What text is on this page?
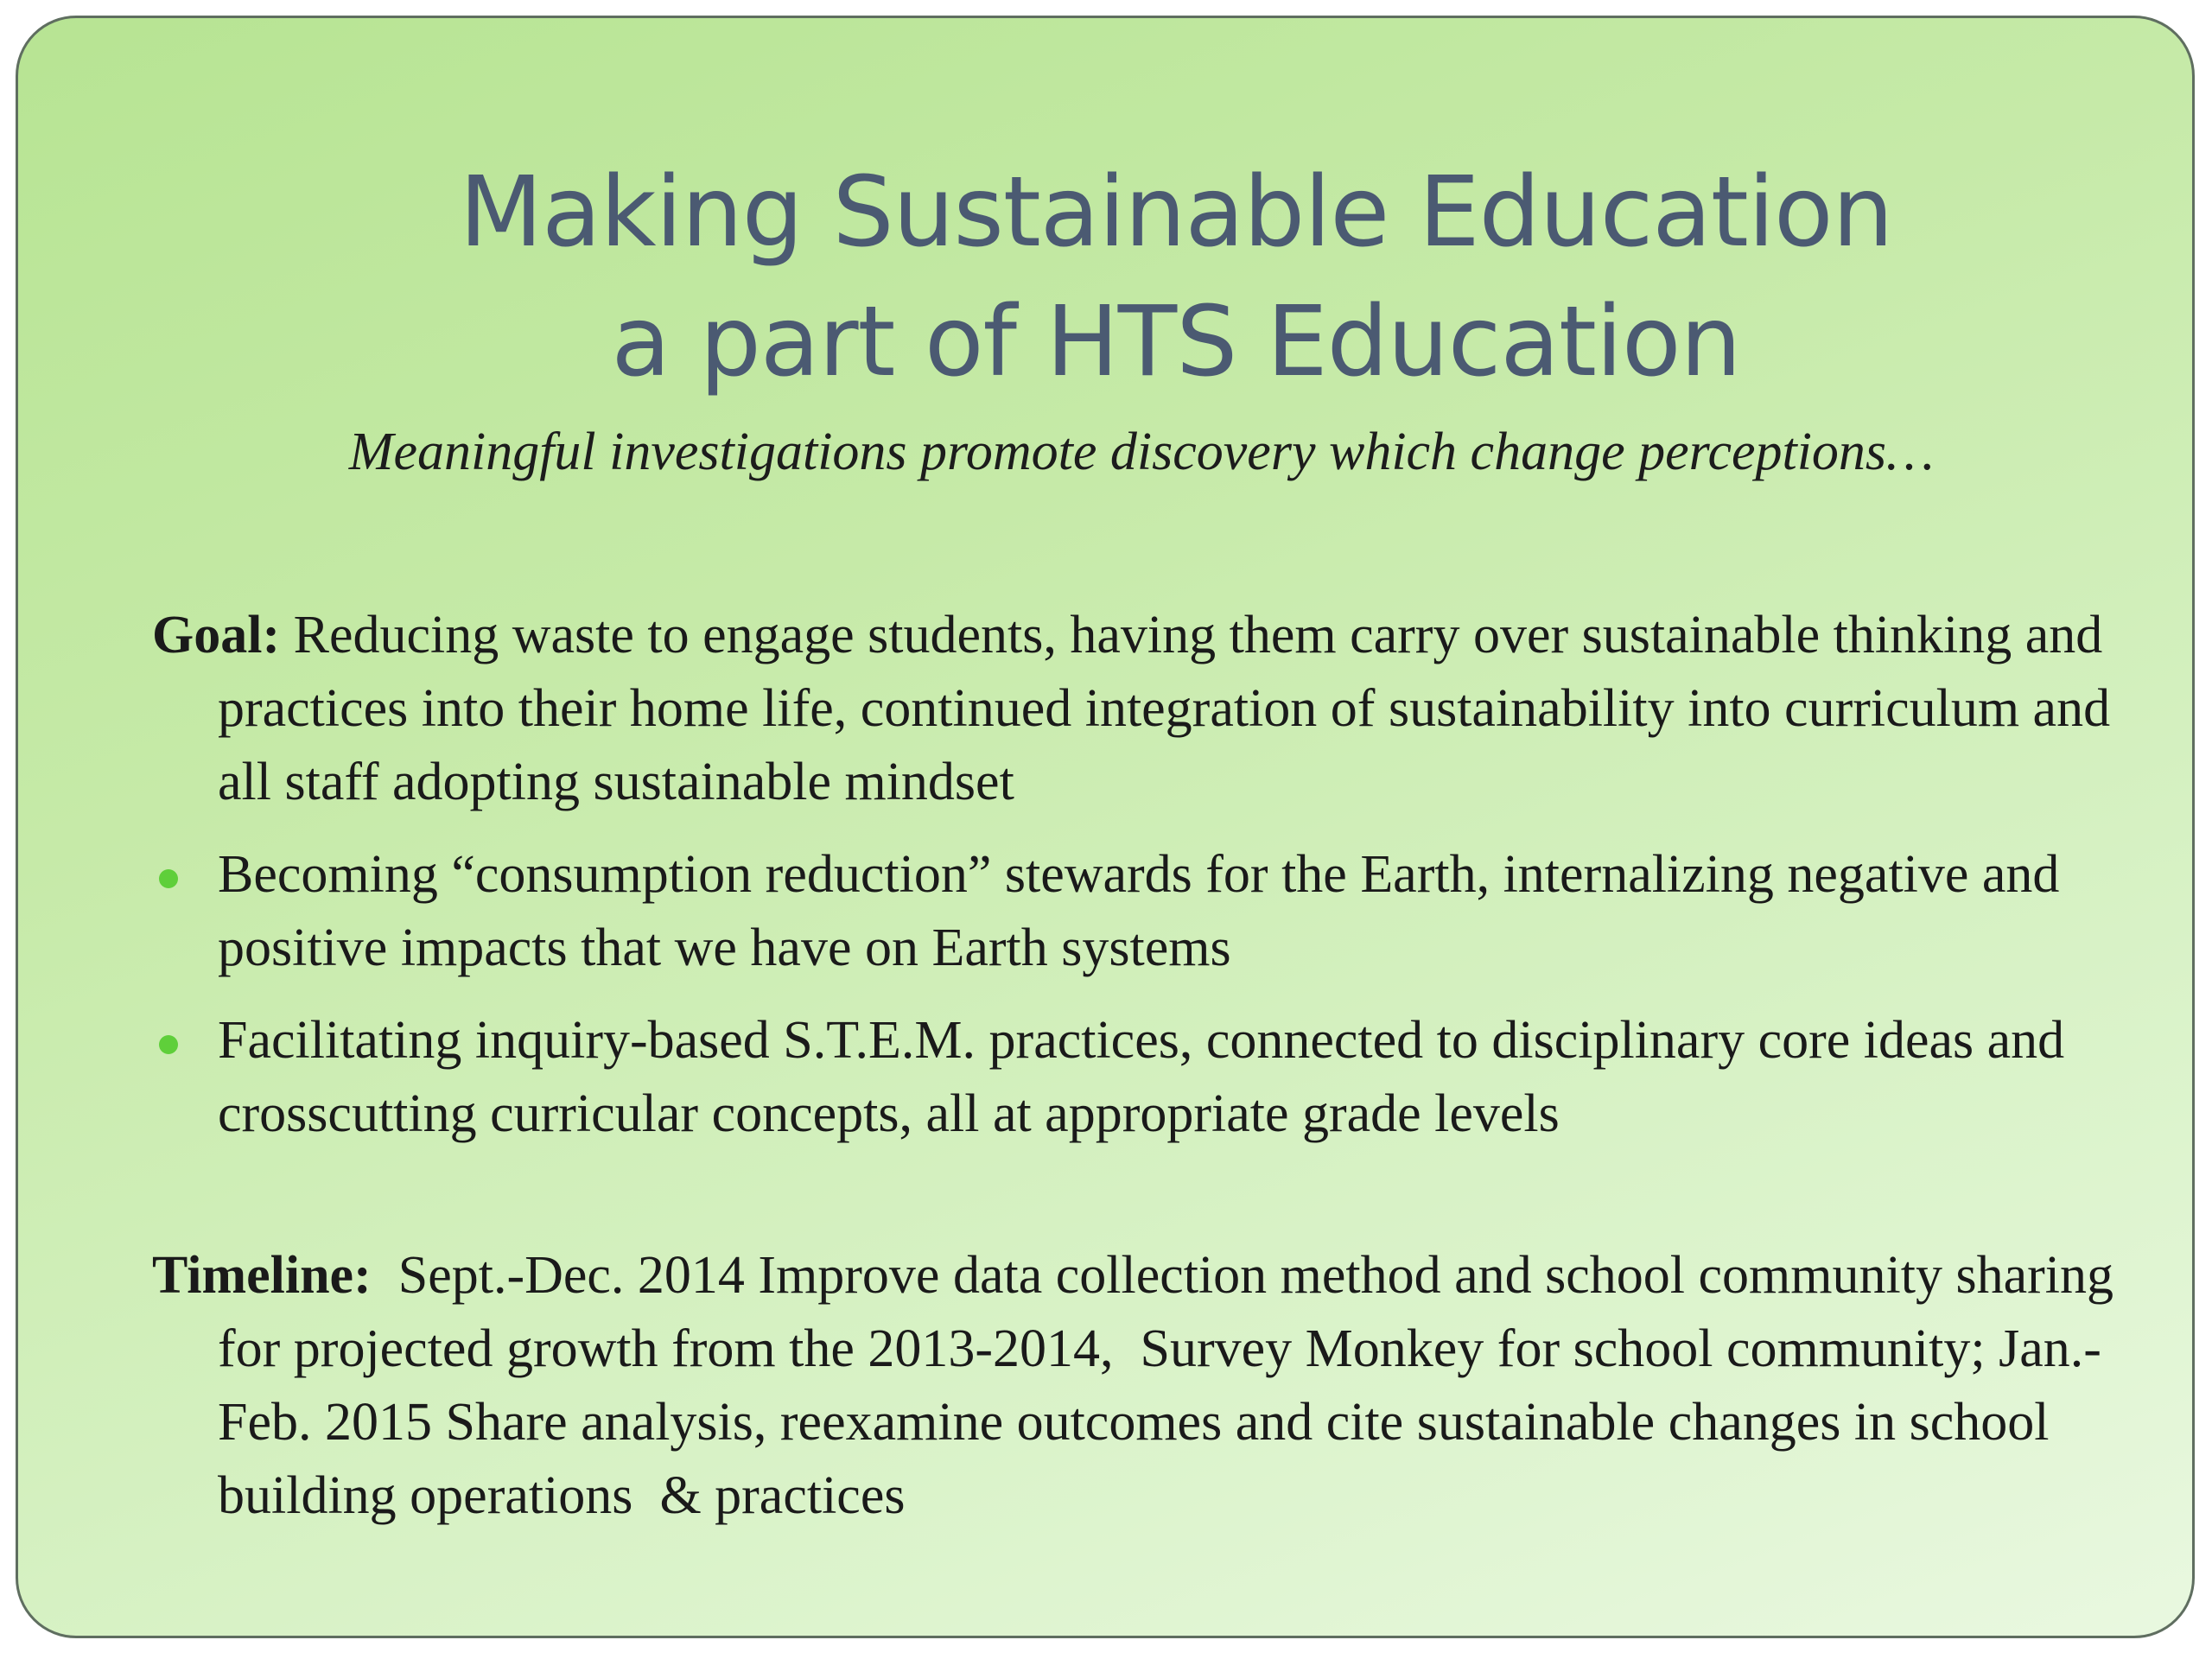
Making Sustainable Education
a part of HTS Education
Meaningful investigations promote discovery which change perceptions…

Goal: Reducing waste to engage students, having them carry over sustainable thinking and practices into their home life, continued integration of sustainability into curriculum and all staff adopting sustainable mindset

Becoming “consumption reduction” stewards for the Earth, internalizing negative and positive impacts that we have on Earth systems
Facilitating inquiry-based S.T.E.M. practices, connected to disciplinary core ideas and crosscutting curricular concepts, all at appropriate grade levels

Timeline:  Sept.-Dec. 2014 Improve data collection method and school community sharing for projected growth from the 2013-2014,  Survey Monkey for school community; Jan.-Feb. 2015 Share analysis, reexamine outcomes and cite sustainable changes in school building operations  & practices
